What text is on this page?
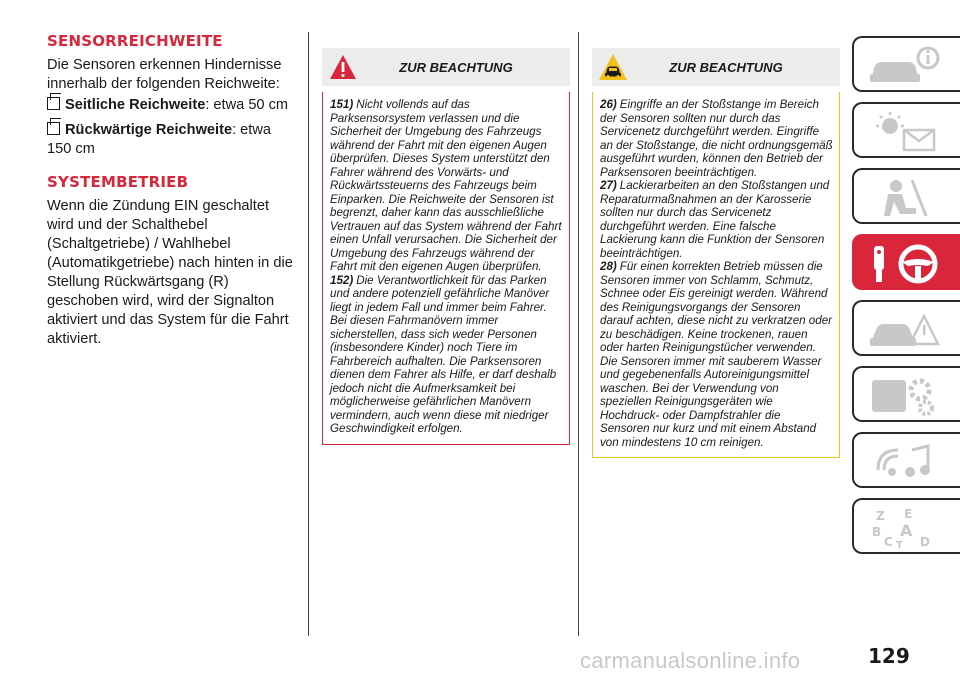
SENSORREICHWEITE

Die Sensoren erkennen Hindernisse innerhalb der folgenden Reichweite:

Seitliche Reichweite: etwa 50 cm
Rückwärtige Reichweite: etwa 150 cm
SYSTEMBETRIEB

Wenn die Zündung EIN geschaltet wird und der Schalthebel (Schaltgetriebe) / Wahlhebel (Automatikgetriebe) nach hinten in die Stellung Rückwärtsgang (R) geschoben wird, wird der Signalton aktiviert und das System für die Fahrt aktiviert.

ZUR BEACHTUNG

151) Nicht vollends auf das Parksensorsystem verlassen und die Sicherheit der Umgebung des Fahrzeugs während der Fahrt mit den eigenen Augen überprüfen. Dieses System unterstützt den Fahrer während des Vorwärts- und Rückwärtssteuerns des Fahrzeugs beim Einparken. Die Reichweite der Sensoren ist begrenzt, daher kann das ausschließliche Vertrauen auf das System während der Fahrt einen Unfall verursachen. Die Sicherheit der Umgebung des Fahrzeugs während der Fahrt mit den eigenen Augen überprüfen.

152) Die Verantwortlichkeit für das Parken und andere potenziell gefährliche Manöver liegt in jedem Fall und immer beim Fahrer. Bei diesen Fahrmanövern immer sicherstellen, dass sich weder Personen (insbesondere Kinder) noch Tiere im Fahrbereich aufhalten. Die Parksensoren dienen dem Fahrer als Hilfe, er darf deshalb jedoch nicht die Aufmerksamkeit bei möglicherweise gefährlichen Manövern vermindern, auch wenn diese mit niedriger Geschwindigkeit erfolgen.

ZUR BEACHTUNG

26) Eingriffe an der Stoßstange im Bereich der Sensoren sollten nur durch das Servicenetz durchgeführt werden. Eingriffe an der Stoßstange, die nicht ordnungsgemäß ausgeführt wurden, können den Betrieb der Parksensoren beeinträchtigen.

27) Lackierarbeiten an den Stoßstangen und Reparaturmaßnahmen an der Karosserie sollten nur durch das Servicenetz durchgeführt werden. Eine falsche Lackierung kann die Funktion der Sensoren beeinträchtigen.

28) Für einen korrekten Betrieb müssen die Sensoren immer von Schlamm, Schmutz, Schnee oder Eis gereinigt werden. Während des Reinigungsvorgangs der Sensoren darauf achten, diese nicht zu verkratzen oder zu beschädigen. Keine trockenen, rauen oder harten Reinigungstücher verwenden. Die Sensoren immer mit sauberem Wasser und gegebenenfalls Autoreinigungsmittel waschen. Bei der Verwendung von speziellen Reinigungsgeräten wie Hochdruck- oder Dampfstrahler die Sensoren nur kurz und mit einem Abstand von mindestens 10 cm reinigen.

Z E
A
B
C D
T
129
carmanualsonline.info
